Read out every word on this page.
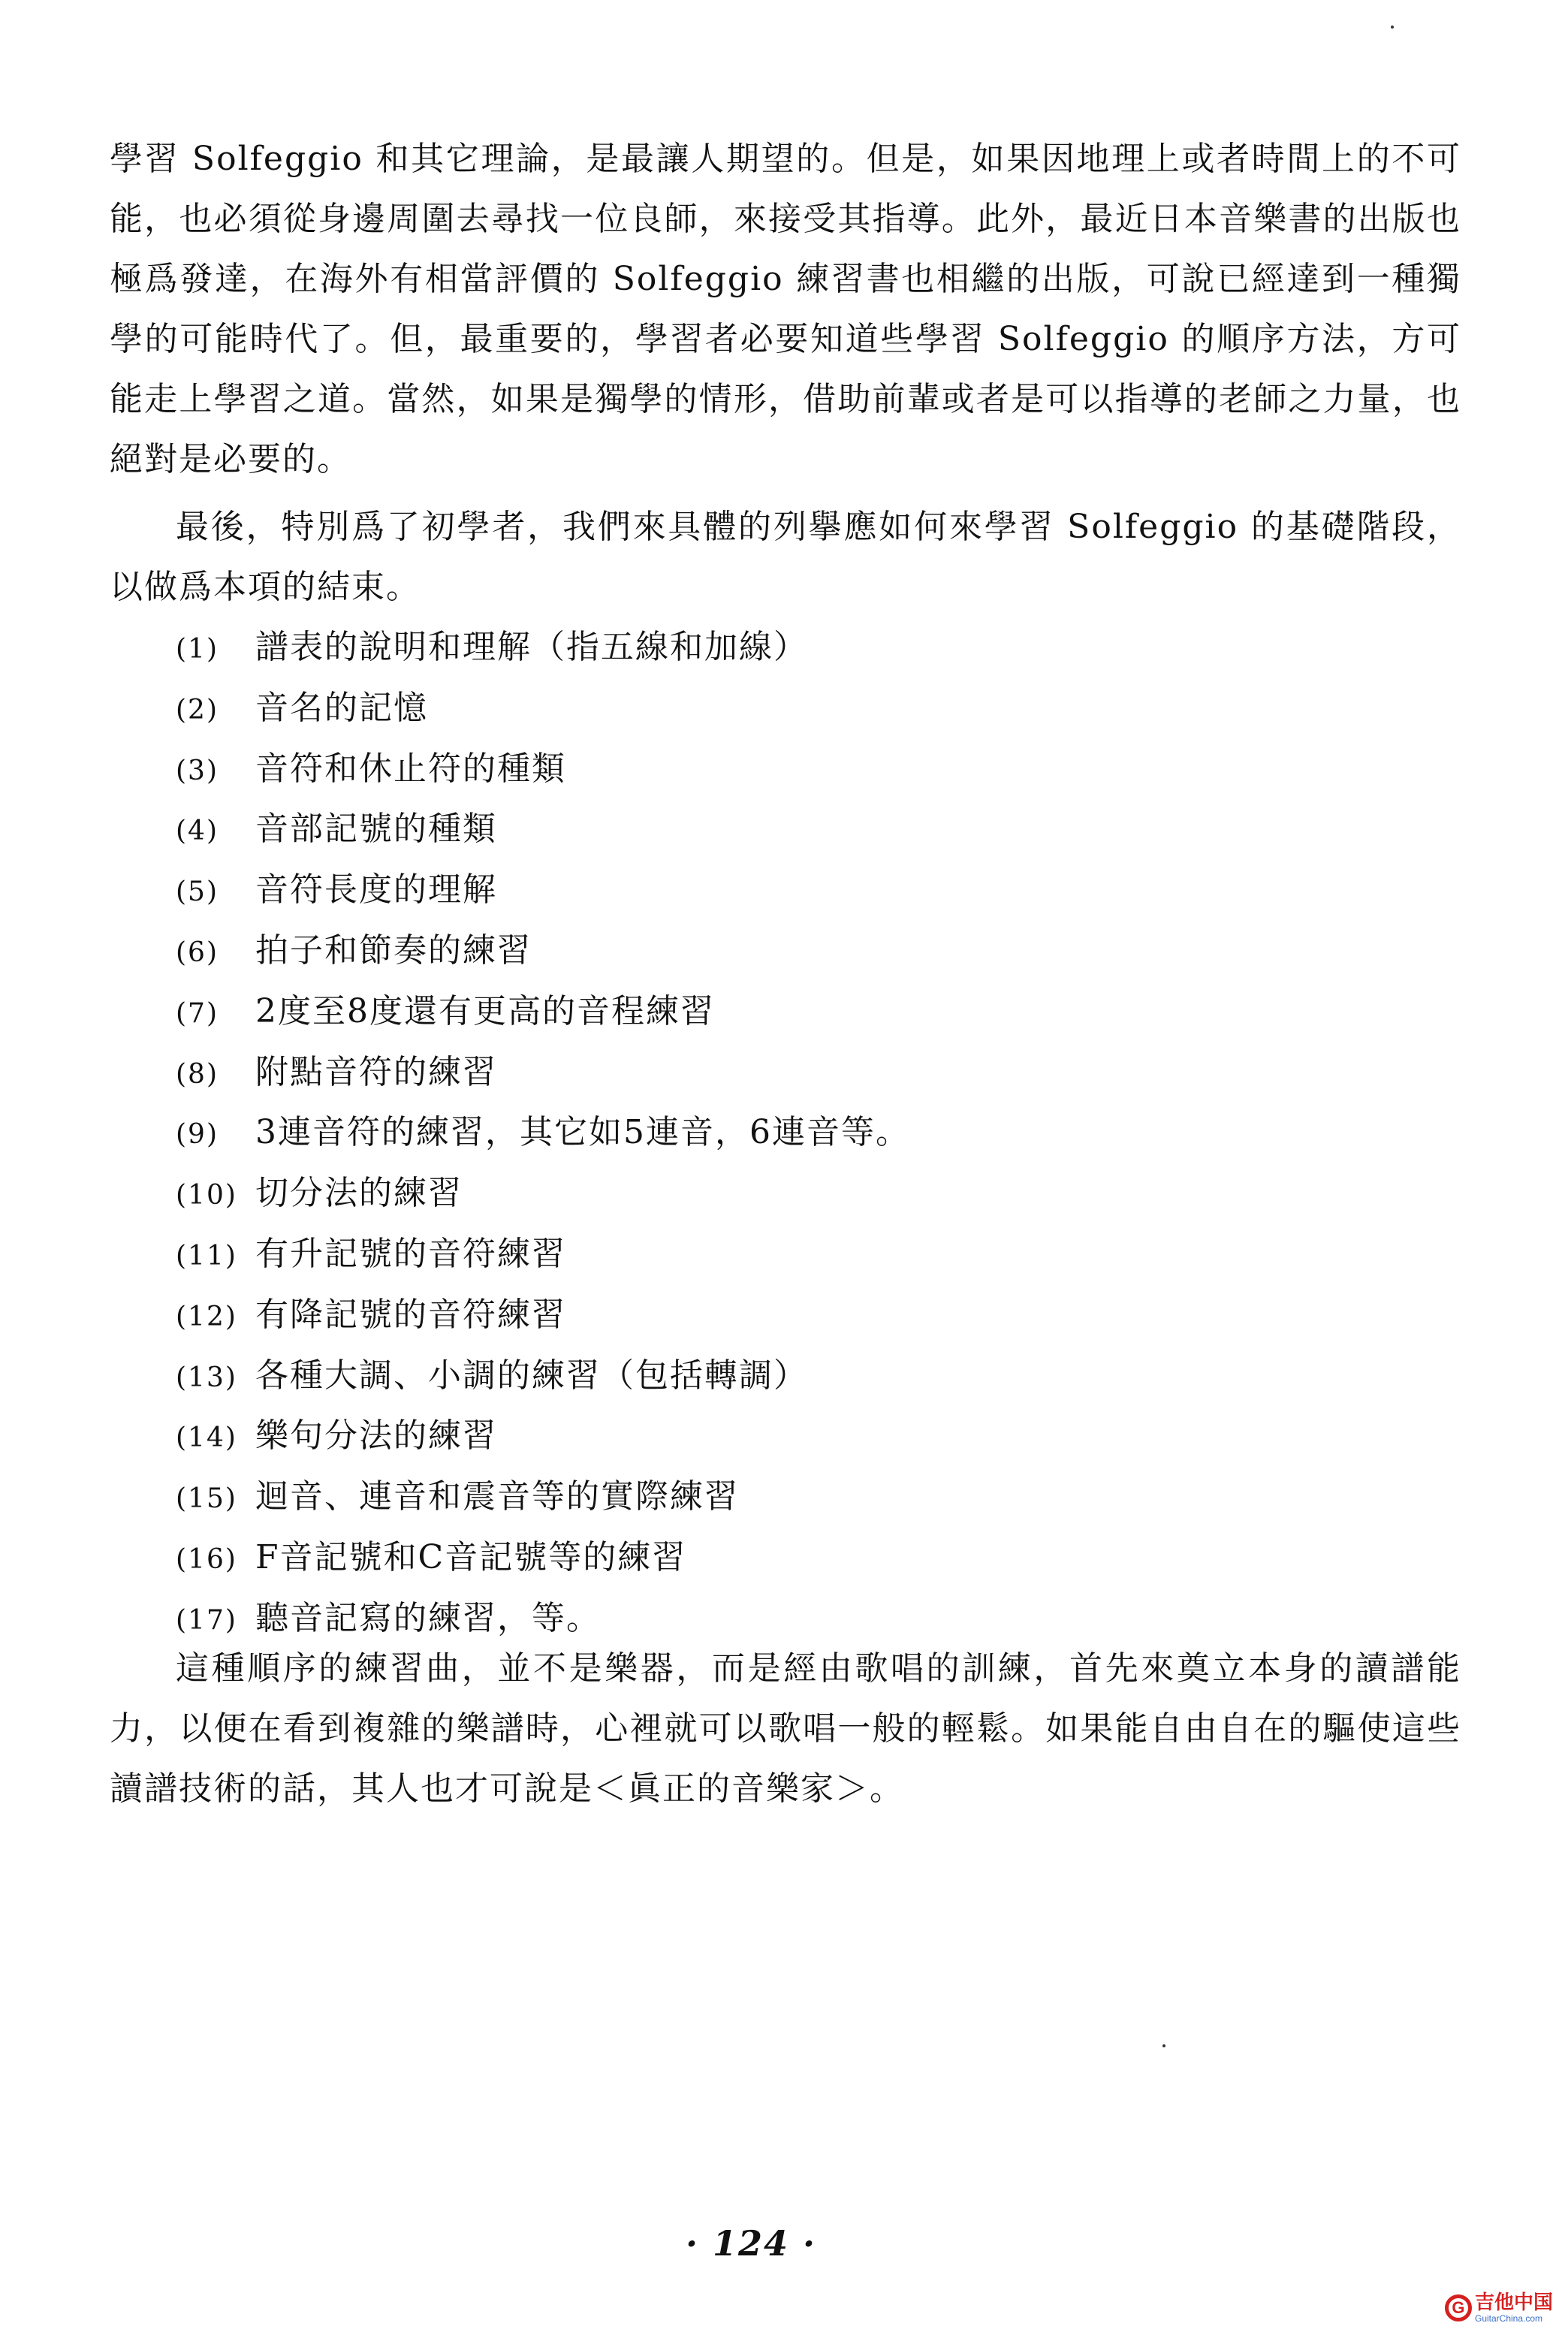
學習 Solfeggio 和其它理論，是最讓人期望的。但是，如果因地理上或者時間上的不可能，也必須從身邊周圍去尋找一位良師，來接受其指導。此外，最近日本音樂書的出版也極爲發達，在海外有相當評價的 Solfeggio 練習書也相繼的出版，可說已經達到一種獨學的可能時代了。但，最重要的，學習者必要知道些學習 Solfeggio 的順序方法，方可能走上學習之道。當然，如果是獨學的情形，借助前輩或者是可以指導的老師之力量，也絕對是必要的。

最後，特別爲了初學者，我們來具體的列擧應如何來學習 Solfeggio 的基礎階段，以做爲本項的結束。

(1) 譜表的說明和理解（指五線和加線）
(2) 音名的記憶
(3) 音符和休止符的種類
(4) 音部記號的種類
(5) 音符長度的理解
(6) 拍子和節奏的練習
(7) 2度至8度還有更高的音程練習
(8) 附點音符的練習
(9) 3連音符的練習，其它如5連音，6連音等。
(10) 切分法的練習
(11) 有升記號的音符練習
(12) 有降記號的音符練習
(13) 各種大調、小調的練習（包括轉調）
(14) 樂句分法的練習
(15) 迴音、連音和震音等的實際練習
(16) F音記號和C音記號等的練習
(17) 聽音記寫的練習，等。

這種順序的練習曲，並不是樂器，而是經由歌唱的訓練，首先來奠立本身的讀譜能力，以便在看到複雜的樂譜時，心裡就可以歌唱一般的輕鬆。如果能自由自在的驅使這些讀譜技術的話，其人也才可說是＜眞正的音樂家＞。

· 124 ·
G 吉他中国
GuitarChina.com
